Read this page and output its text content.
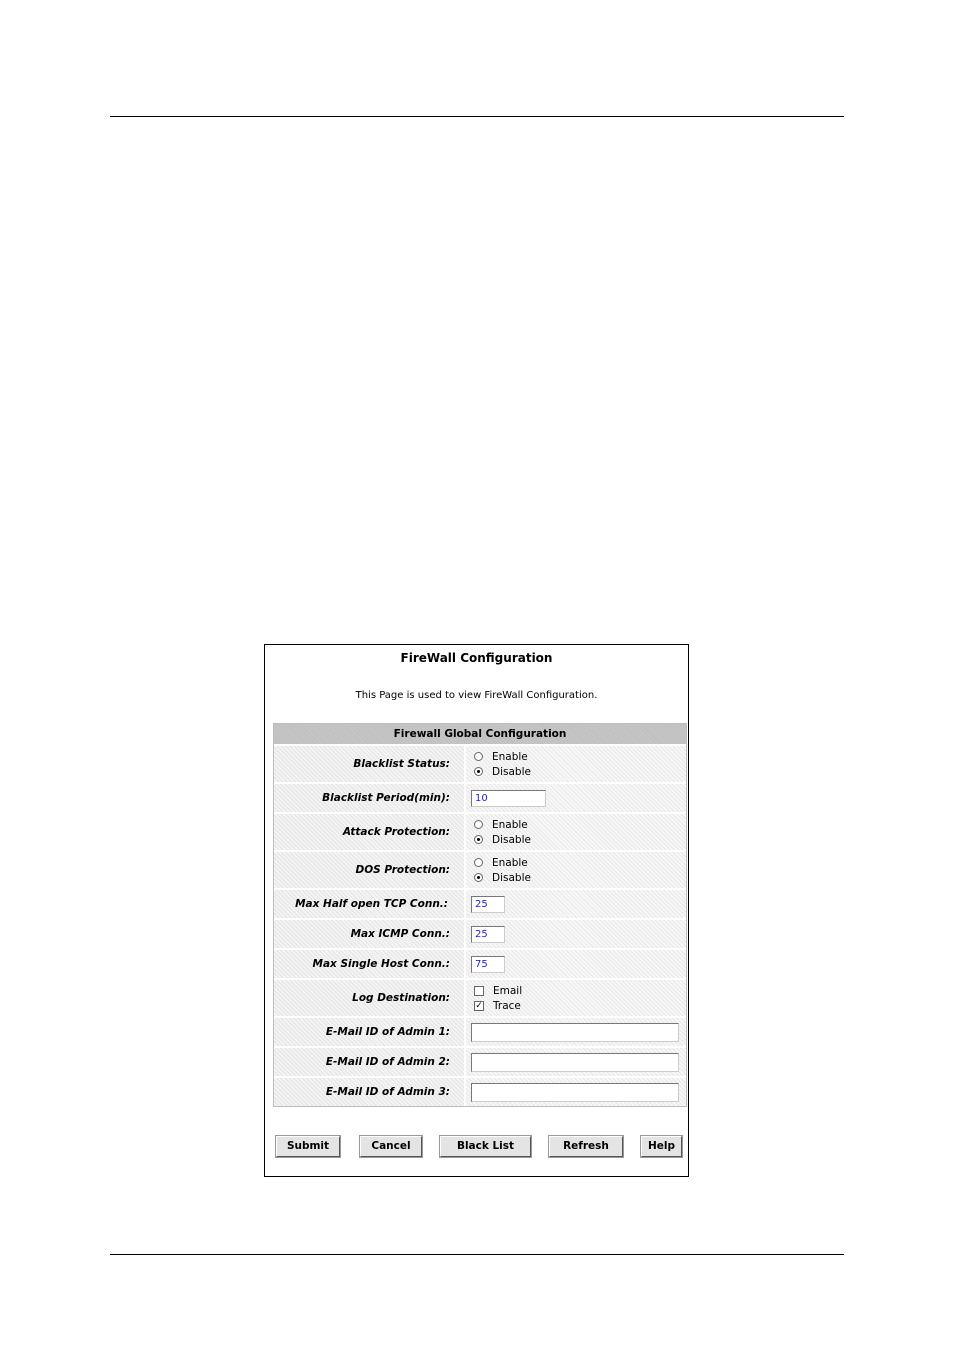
FireWall Configuration
This Page is used to view FireWall Configuration.
Firewall Global Configuration
Blacklist Status:
Enable
Disable
Blacklist Period(min):	10
Attack Protection:
Enable
Disable
DOS Protection:
Enable
Disable
Max Half open TCP Conn.:	25
Max ICMP Conn.:	25
Max Single Host Conn.:	75
Log Destination:
Email
✓ Trace
E-Mail ID of Admin 1:
E-Mail ID of Admin 2:
E-Mail ID of Admin 3:
Submit	Cancel	Black List	Refresh	Help
